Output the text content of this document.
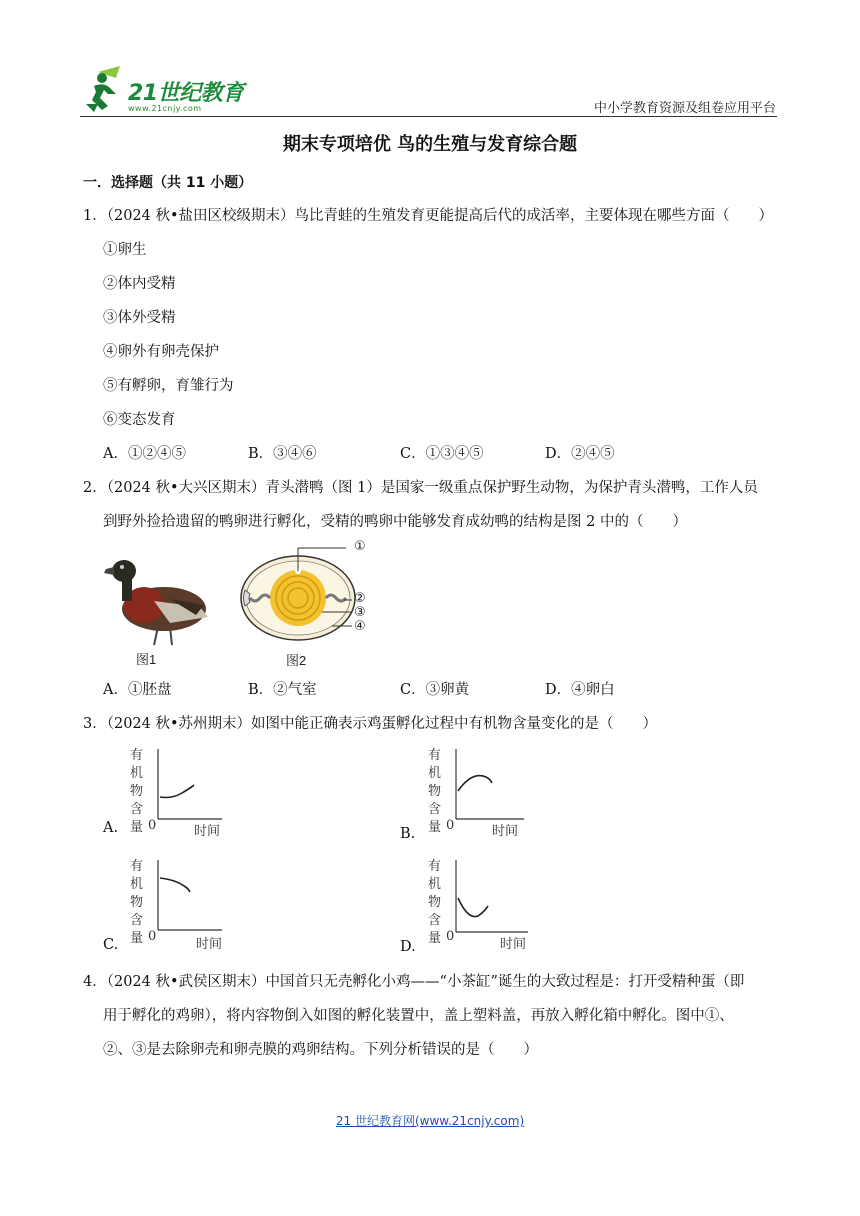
21世纪教育
www.21cnjy.com	中小学教育资源及组卷应用平台
期末专项培优 鸟的生殖与发育综合题
一．选择题（共 11 小题）
1．（2024 秋•盐田区校级期末）鸟比青蛙的生殖发育更能提高后代的成活率，主要体现在哪些方面（　　）
①卵生
②体内受精
③体外受精
④卵外有卵壳保护
⑤有孵卵，育雏行为
⑥变态发育
A．①②④⑤	B．③④⑥	C．①③④⑤	D．②④⑤
2．（2024 秋•大兴区期末）青头潜鸭（图 1）是国家一级重点保护野生动物，为保护青头潜鸭，工作人员
到野外捡拾遗留的鸭卵进行孵化，受精的鸭卵中能够发育成幼鸭的结构是图 2 中的（　　）
图1
①
②
③
④
图2
A．①胚盘	B．②气室	C．③卵黄	D．④卵白
3．（2024 秋•苏州期末）如图中能正确表示鸡蛋孵化过程中有机物含量变化的是（　　）
A.
有
机
物
含
量 0	时间	B.
有
机
物
含
量 0	时间
C.
有
机
物
含
量 0
时间	D.
有
机
物
含
量 0
时间
4．（2024 秋•武侯区期末）中国首只无壳孵化小鸡——“小茶缸”诞生的大致过程是：打开受精种蛋（即
用于孵化的鸡卵），将内容物倒入如图的孵化装置中，盖上塑料盖，再放入孵化箱中孵化。图中①、
②、③是去除卵壳和卵壳膜的鸡卵结构。下列分析错误的是（　　）
21 世纪教育网(www.21cnjy.com)
